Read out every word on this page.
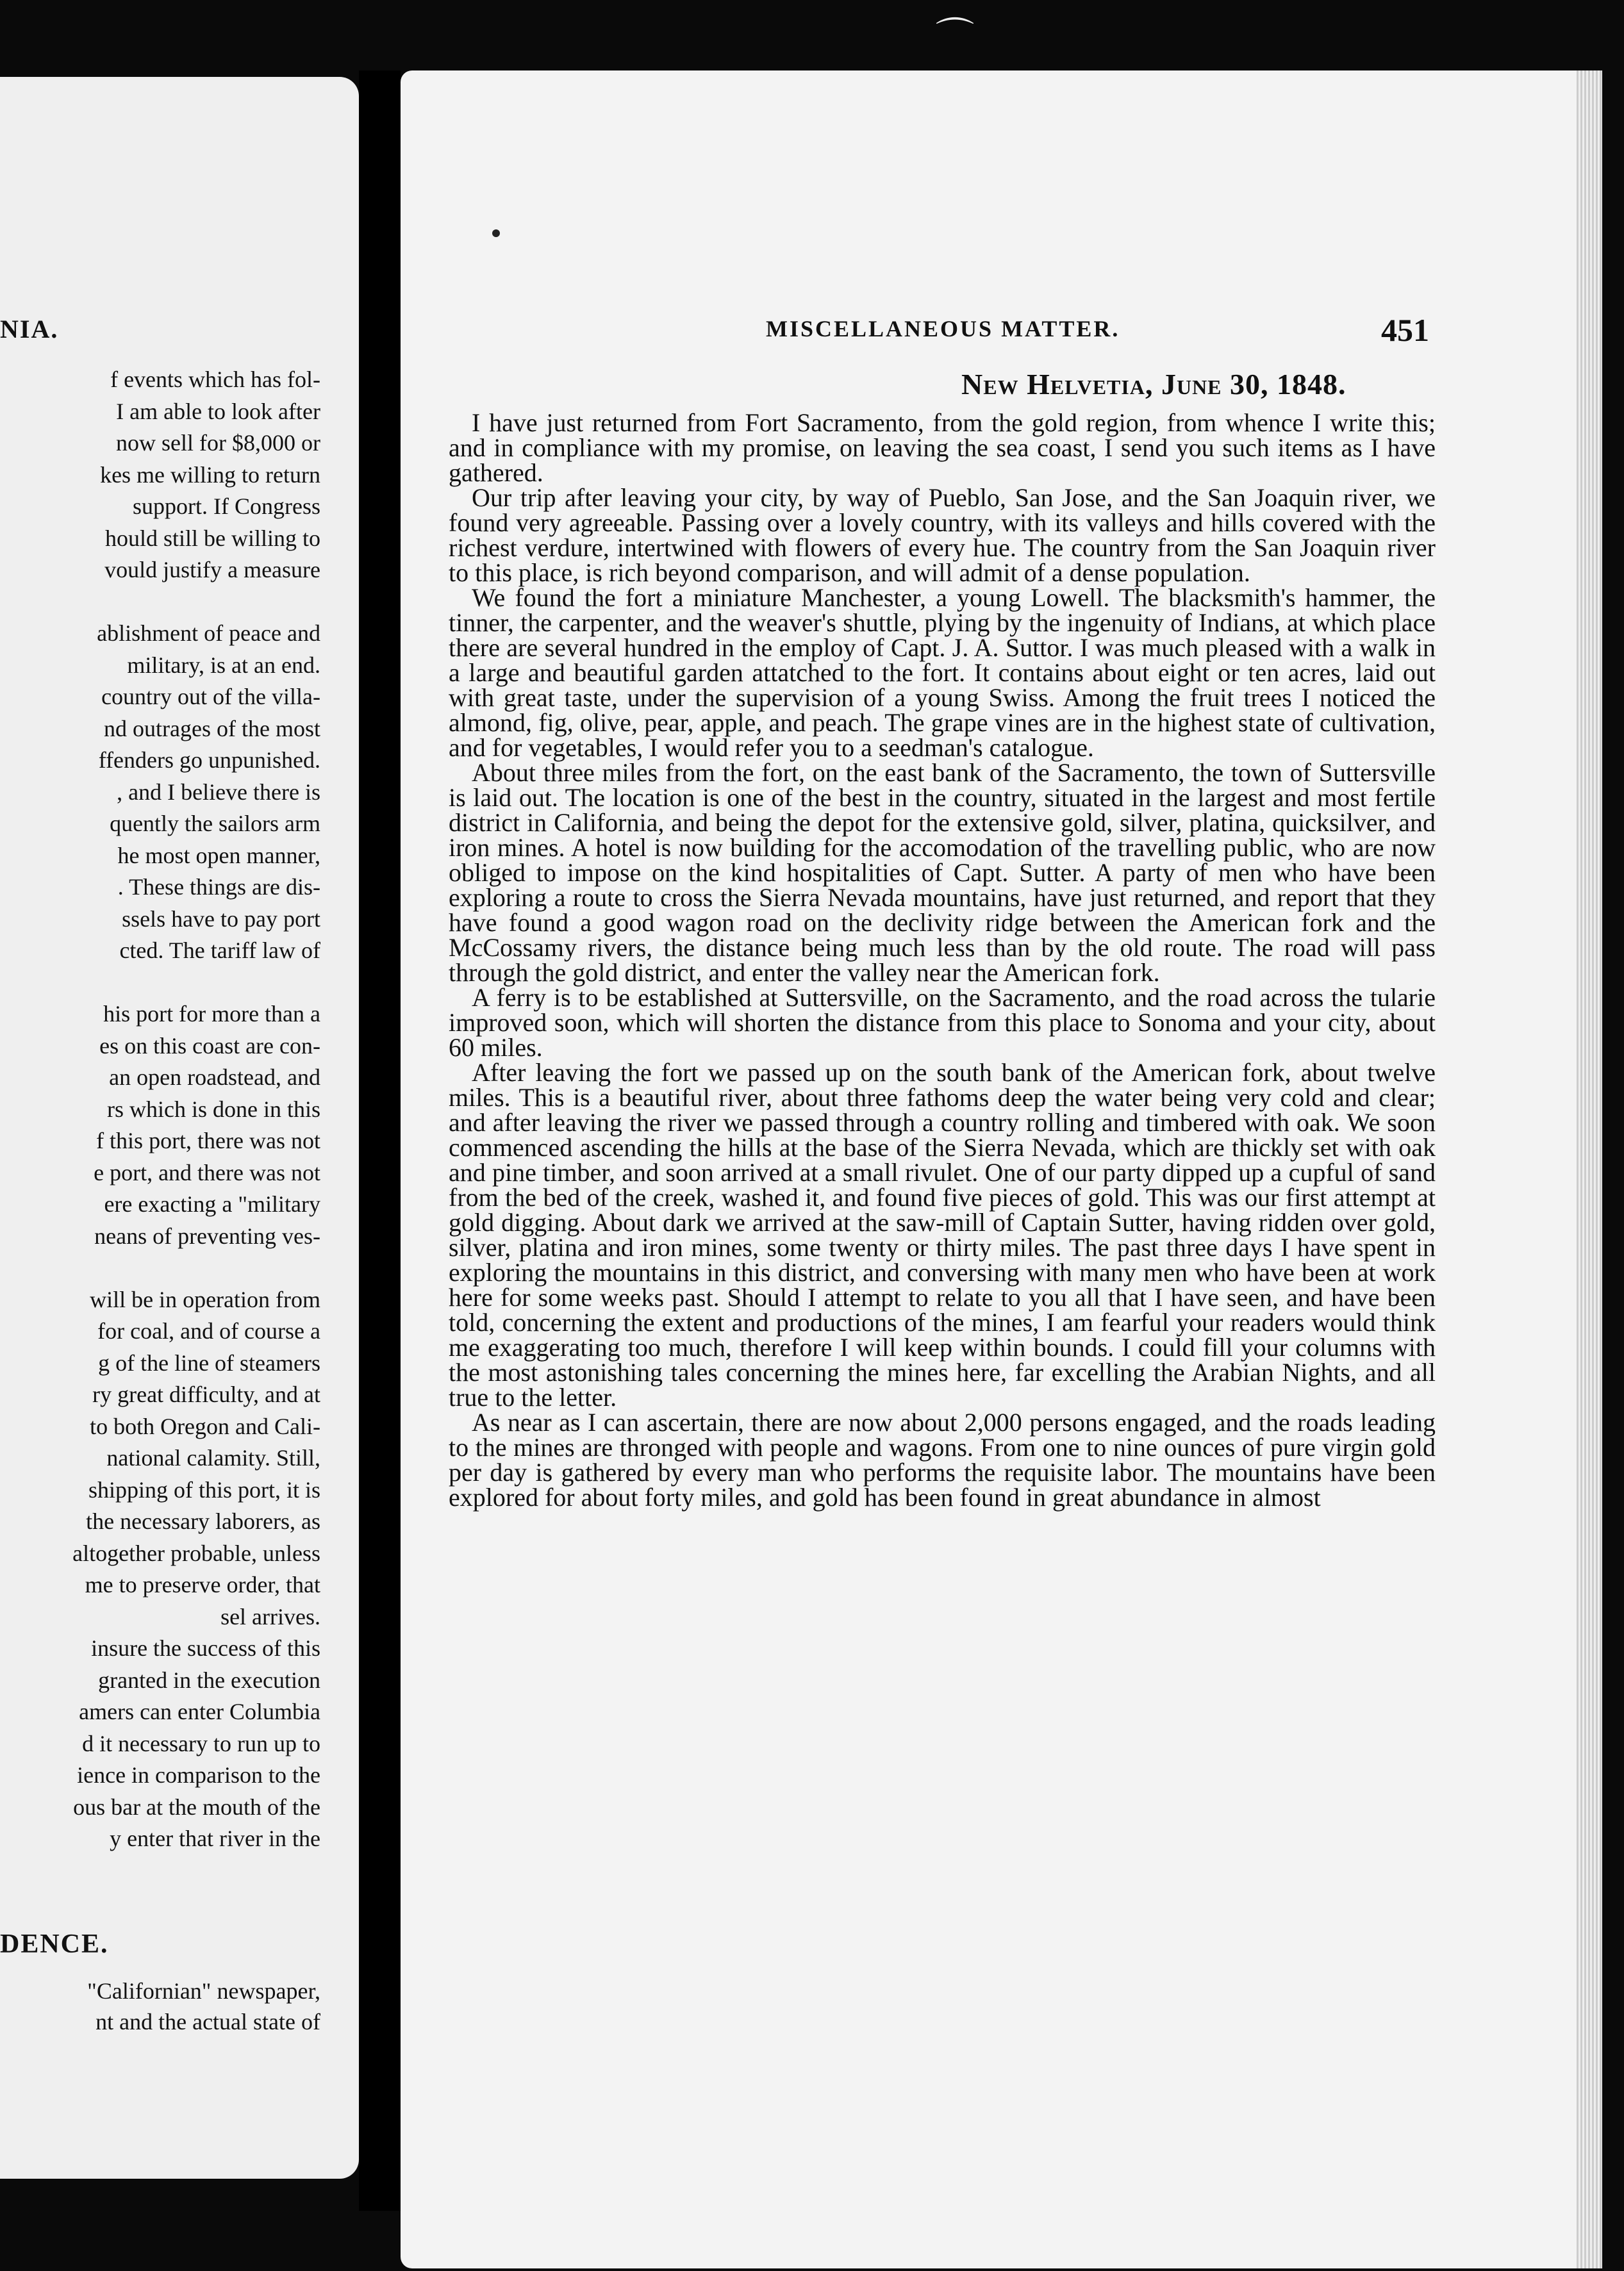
⌒
NIA.
f events which has fol-
I am able to look after
now sell for $8,000 or
kes me willing to return
support. If Congress
hould still be willing to
vould justify a measure
ablishment of peace and
military, is at an end.
country out of the villa-
nd outrages of the most
ffenders go unpunished.
, and I believe there is
quently the sailors arm
he most open manner,
. These things are dis-
ssels have to pay port
cted. The tariff law of
his port for more than a
es on this coast are con-
an open roadstead, and
rs which is done in this
f this port, there was not
e port, and there was not
ere exacting a "military
neans of preventing ves-
will be in operation from
for coal, and of course a
g of the line of steamers
ry great difficulty, and at
to both Oregon and Cali-
national calamity. Still,
shipping of this port, it is
the necessary laborers, as
altogether probable, unless
me to preserve order, that
sel arrives.
insure the success of this
granted in the execution
amers can enter Columbia
d it necessary to run up to
ience in comparison to the
ous bar at the mouth of the
y enter that river in the
DENCE.
"Californian" newspaper,
nt and the actual state of
MISCELLANEOUS MATTER.	451
New Helvetia, June 30, 1848.

I have just returned from Fort Sacramento, from the gold region, from whence I write this; and in compliance with my promise, on leaving the sea coast, I send you such items as I have gathered.

Our trip after leaving your city, by way of Pueblo, San Jose, and the San Joaquin river, we found very agreeable. Passing over a lovely country, with its valleys and hills covered with the richest verdure, intertwined with flowers of every hue. The country from the San Joaquin river to this place, is rich beyond comparison, and will admit of a dense population.

We found the fort a miniature Manchester, a young Lowell. The blacksmith's hammer, the tinner, the carpenter, and the weaver's shuttle, plying by the ingenuity of Indians, at which place there are several hundred in the employ of Capt. J. A. Suttor. I was much pleased with a walk in a large and beautiful garden attatched to the fort. It contains about eight or ten acres, laid out with great taste, under the supervision of a young Swiss. Among the fruit trees I noticed the almond, fig, olive, pear, apple, and peach. The grape vines are in the highest state of cultivation, and for vegetables, I would refer you to a seedman's catalogue.

About three miles from the fort, on the east bank of the Sacramento, the town of Suttersville is laid out. The location is one of the best in the country, situated in the largest and most fertile district in California, and being the depot for the extensive gold, silver, platina, quicksilver, and iron mines. A hotel is now building for the accomodation of the travelling public, who are now obliged to impose on the kind hospitalities of Capt. Sutter. A party of men who have been exploring a route to cross the Sierra Nevada mountains, have just returned, and report that they have found a good wagon road on the declivity ridge between the American fork and the McCossamy rivers, the distance being much less than by the old route. The road will pass through the gold district, and enter the valley near the American fork.

A ferry is to be established at Suttersville, on the Sacramento, and the road across the tularie improved soon, which will shorten the distance from this place to Sonoma and your city, about 60 miles.

After leaving the fort we passed up on the south bank of the American fork, about twelve miles. This is a beautiful river, about three fathoms deep the water being very cold and clear; and after leaving the river we passed through a country rolling and timbered with oak. We soon commenced ascending the hills at the base of the Sierra Nevada, which are thickly set with oak and pine timber, and soon arrived at a small rivulet. One of our party dipped up a cupful of sand from the bed of the creek, washed it, and found five pieces of gold. This was our first attempt at gold digging. About dark we arrived at the saw-mill of Captain Sutter, having ridden over gold, silver, platina and iron mines, some twenty or thirty miles. The past three days I have spent in exploring the mountains in this district, and conversing with many men who have been at work here for some weeks past. Should I attempt to relate to you all that I have seen, and have been told, concerning the extent and productions of the mines, I am fearful your readers would think me exaggerating too much, therefore I will keep within bounds. I could fill your columns with the most astonishing tales concerning the mines here, far excelling the Arabian Nights, and all true to the letter.

As near as I can ascertain, there are now about 2,000 persons engaged, and the roads leading to the mines are thronged with people and wagons. From one to nine ounces of pure virgin gold per day is gathered by every man who performs the requisite labor. The mountains have been explored for about forty miles, and gold has been found in great abundance in almost
